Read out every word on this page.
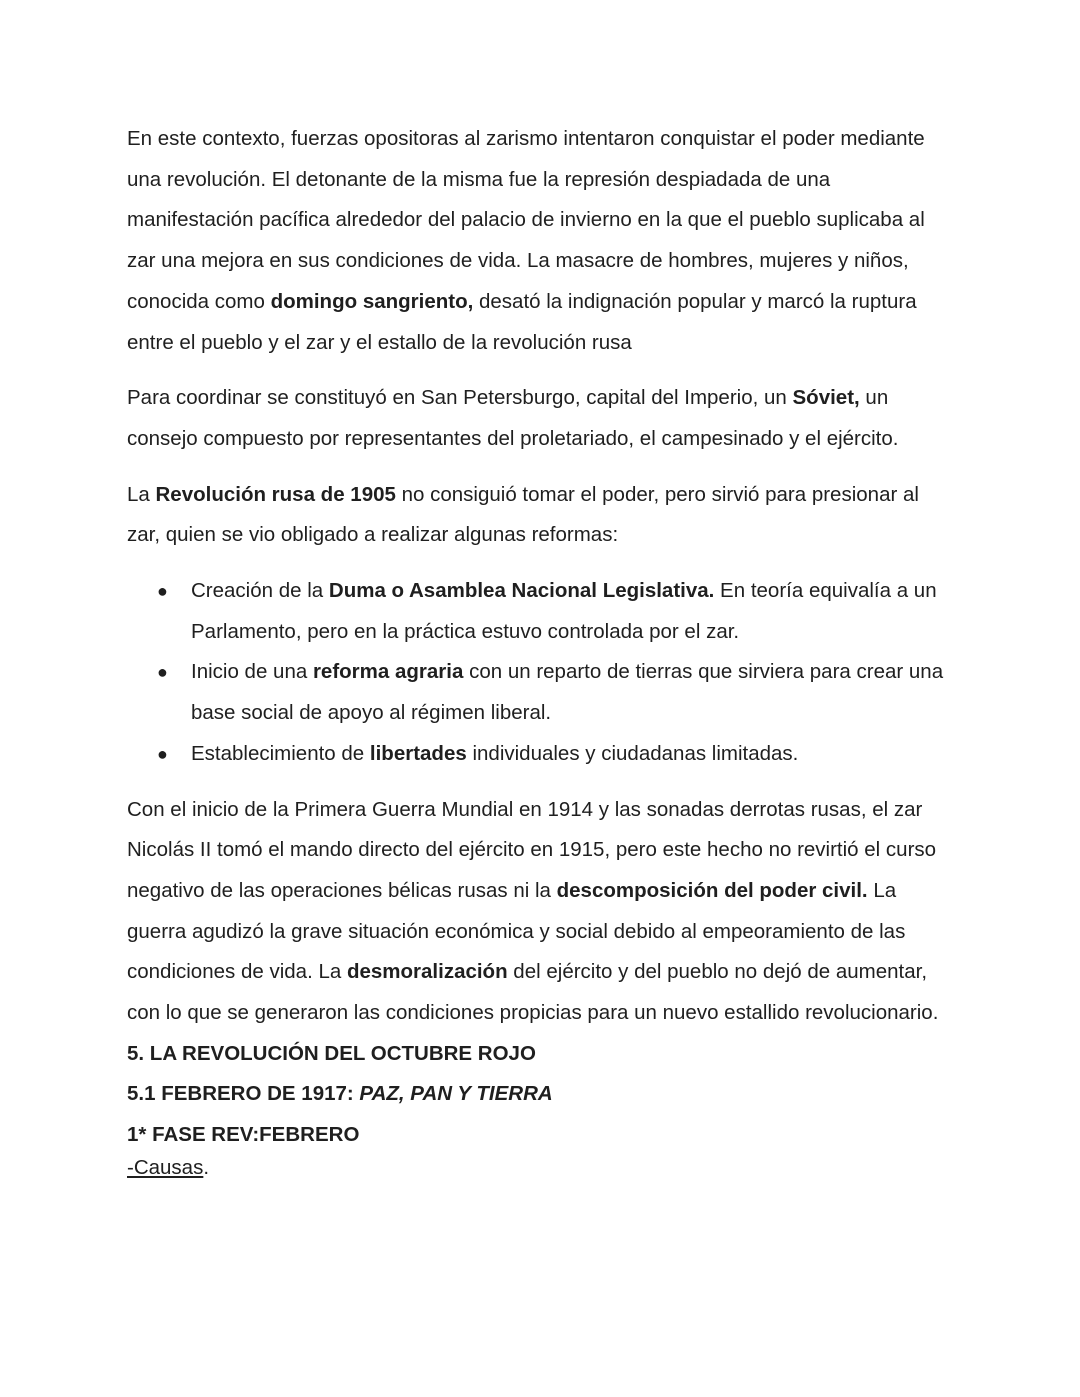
En este contexto, fuerzas opositoras al zarismo intentaron conquistar el poder mediante una revolución. El detonante de la misma fue la represión despiadada de una manifestación pacífica alrededor del palacio de invierno en la que el pueblo suplicaba al zar una mejora en sus condiciones de vida. La masacre de hombres, mujeres y niños, conocida como domingo sangriento, desató la indignación popular y marcó la ruptura entre el pueblo y el zar y el estallo de la revolución rusa

Para coordinar se constituyó en San Petersburgo, capital del Imperio, un Sóviet, un consejo compuesto por representantes del proletariado, el campesinado y el ejército.

La Revolución rusa de 1905 no consiguió tomar el poder, pero sirvió para presionar al zar, quien se vio obligado a realizar algunas reformas:

● Creación de la Duma o Asamblea Nacional Legislativa. En teoría equivalía a un Parlamento, pero en la práctica estuvo controlada por el zar.
● Inicio de una reforma agraria con un reparto de tierras que sirviera para crear una base social de apoyo al régimen liberal.
● Establecimiento de libertades individuales y ciudadanas limitadas.

Con el inicio de la Primera Guerra Mundial en 1914 y las sonadas derrotas rusas, el zar Nicolás II tomó el mando directo del ejército en 1915, pero este hecho no revirtió el curso negativo de las operaciones bélicas rusas ni la descomposición del poder civil. La guerra agudizó la grave situación económica y social debido al empeoramiento de las condiciones de vida. La desmoralización del ejército y del pueblo no dejó de aumentar, con lo que se generaron las condiciones propicias para un nuevo estallido revolucionario.

5. LA REVOLUCIÓN DEL OCTUBRE ROJO

5.1 FEBRERO DE 1917: PAZ, PAN Y TIERRA

1* FASE REV:FEBRERO

-Causas.
